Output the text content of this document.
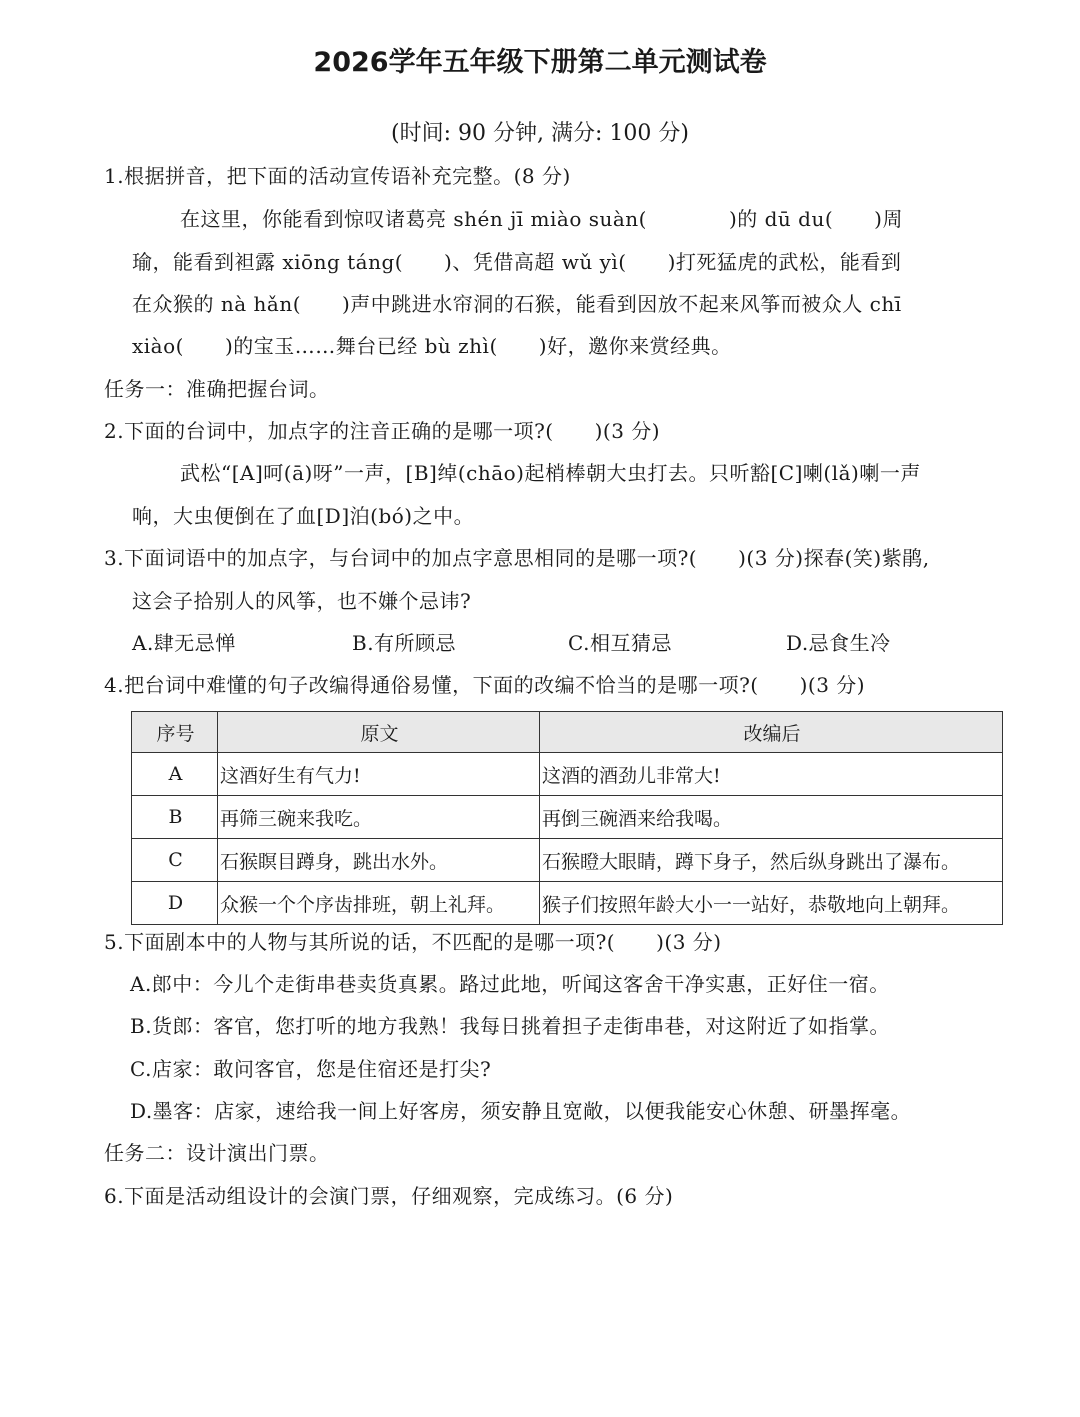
2026学年五年级下册第二单元测试卷
(时间: 90 分钟, 满分: 100 分)
1.根据拼音，把下面的活动宣传语补充完整。(8 分)
在这里，你能看到惊叹诸葛亮 shén jī miào suàn(　　　　)的 dū du(　　)周
瑜，能看到袒露 xiōng táng(　　)、凭借高超 wǔ yì(　　)打死猛虎的武松，能看到
在众猴的 nà hǎn(　　)声中跳进水帘洞的石猴，能看到因放不起来风筝而被众人 chī
xiào(　　)的宝玉……舞台已经 bù zhì(　　)好，邀你来赏经典。
任务一：准确把握台词。
2.下面的台词中，加点字的注音正确的是哪一项?(　　)(3 分)
武松“[A]呵(ā)呀”一声，[B]绰(chāo)起梢棒朝大虫打去。只听豁[C]喇(lǎ)喇一声
响，大虫便倒在了血[D]泊(bó)之中。
3.下面词语中的加点字，与台词中的加点字意思相同的是哪一项?(　　)(3 分)探春(笑)紫鹃,
这会子拾别人的风筝，也不嫌个忌讳?
A.肆无忌惮	B.有所顾忌	C.相互猜忌	D.忌食生冷
4.把台词中难懂的句子改编得通俗易懂，下面的改编不恰当的是哪一项?(　　)(3 分)
序号	原文	改编后
A	这酒好生有气力!	这酒的酒劲儿非常大!
B	再筛三碗来我吃。	再倒三碗酒来给我喝。
C	石猴瞑目蹲身，跳出水外。	石猴瞪大眼睛，蹲下身子，然后纵身跳出了瀑布。
D	众猴一个个序齿排班，朝上礼拜。	猴子们按照年龄大小一一站好，恭敬地向上朝拜。
5.下面剧本中的人物与其所说的话，不匹配的是哪一项?(　　)(3 分)
A.郎中：今儿个走街串巷卖货真累。路过此地，听闻这客舍干净实惠，正好住一宿。
B.货郎：客官，您打听的地方我熟！我每日挑着担子走街串巷，对这附近了如指掌。
C.店家：敢问客官，您是住宿还是打尖?
D.墨客：店家，速给我一间上好客房，须安静且宽敞，以便我能安心休憩、研墨挥毫。
任务二：设计演出门票。
6.下面是活动组设计的会演门票，仔细观察，完成练习。(6 分)
